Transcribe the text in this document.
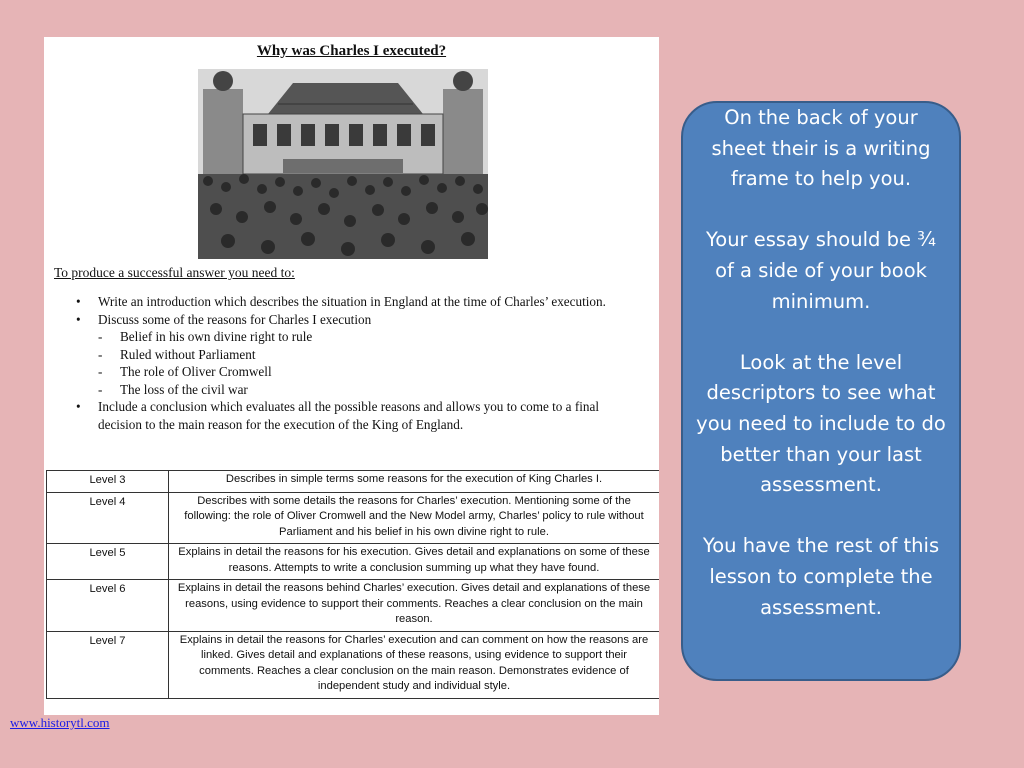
Why was Charles I executed?
To produce a successful answer you need to:
• Write an introduction which describes the situation in England at the time of Charles’ execution.
• Discuss some of the reasons for Charles I execution
- Belief in his own divine right to rule
- Ruled without Parliament
- The role of Oliver Cromwell
- The loss of the civil war
• Include a conclusion which evaluates all the possible reasons and allows you to come to a final decision to the main reason for the execution of the King of England.
Level 3	Describes in simple terms some reasons for the execution of King Charles I.
Level 4	Describes with some details the reasons for Charles’ execution. Mentioning some of the following: the role of Oliver Cromwell and the New Model army, Charles’ policy to rule without Parliament and his belief in his own divine right to rule.
Level 5	Explains in detail the reasons for his execution. Gives detail and explanations on some of these reasons. Attempts to write a conclusion summing up what they have found.
Level 6	Explains in detail the reasons behind Charles’ execution. Gives detail and explanations of these reasons, using evidence to support their comments. Reaches a clear conclusion on the main reason.
Level 7	Explains in detail the reasons for Charles’ execution and can comment on how the reasons are linked. Gives detail and explanations of these reasons, using evidence to support their comments. Reaches a clear conclusion on the main reason. Demonstrates evidence of independent study and individual style.
www.historytl.com

On the back of your sheet their is a writing frame to help you.

Your essay should be ¾ of a side of your book minimum.

Look at the level descriptors to see what you need to include to do better than your last assessment.

You have the rest of this lesson to complete the assessment.
